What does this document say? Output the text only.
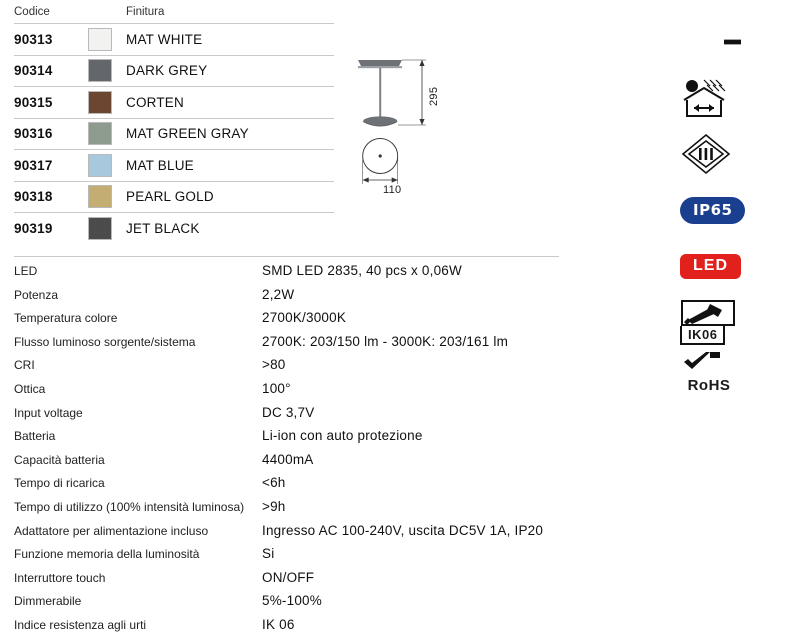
Codice	Finitura
90313	MAT WHITE
90314	DARK GREY
90315	CORTEN
90316	MAT GREEN GRAY
90317	MAT BLUE
90318	PEARL GOLD
90319	JET BLACK
295
110
LED	SMD LED 2835, 40 pcs x 0,06W
Potenza	2,2W
Temperatura colore	2700K/3000K
Flusso luminoso sorgente/sistema	2700K: 203/150 lm - 3000K: 203/161 lm
CRI	>80
Ottica	100°
Input voltage	DC 3,7V
Batteria	Li-ion con auto protezione
Capacità batteria	4400mA
Tempo di ricarica	<6h
Tempo di utilizzo (100% intensità luminosa)	>9h
Adattatore per alimentazione incluso	Ingresso AC 100-240V, uscita DC5V 1A, IP20
Funzione memoria della luminosità	Si
Interruttore touch	ON/OFF
Dimmerabile	5%-100%
Indice resistenza agli urti	IK 06
IP65
LED
IK06
RoHS
